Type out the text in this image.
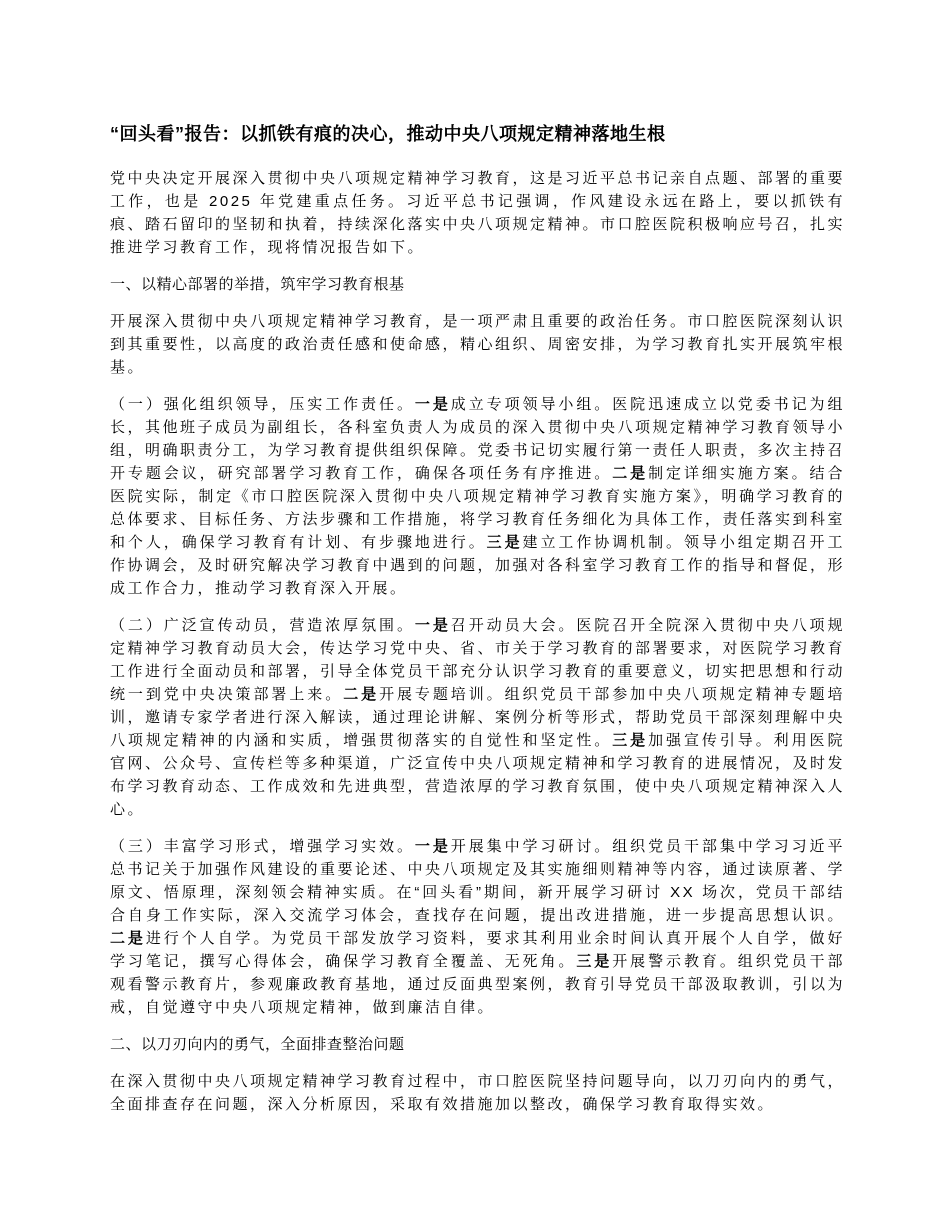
“回头看”报告：以抓铁有痕的决心，推动中央八项规定精神落地生根

党中央决定开展深入贯彻中央八项规定精神学习教育，这是习近平总书记亲自点题、部署的重要工作，也是 2025 年党建重点任务。习近平总书记强调，作风建设永远在路上，要以抓铁有痕、踏石留印的坚韧和执着，持续深化落实中央八项规定精神。市口腔医院积极响应号召，扎实推进学习教育工作，现将情况报告如下。

一、以精心部署的举措，筑牢学习教育根基

开展深入贯彻中央八项规定精神学习教育，是一项严肃且重要的政治任务。市口腔医院深刻认识到其重要性，以高度的政治责任感和使命感，精心组织、周密安排，为学习教育扎实开展筑牢根基。

（一）强化组织领导，压实工作责任。一是成立专项领导小组。医院迅速成立以党委书记为组长，其他班子成员为副组长，各科室负责人为成员的深入贯彻中央八项规定精神学习教育领导小组，明确职责分工，为学习教育提供组织保障。党委书记切实履行第一责任人职责，多次主持召开专题会议，研究部署学习教育工作，确保各项任务有序推进。二是制定详细实施方案。结合医院实际，制定《市口腔医院深入贯彻中央八项规定精神学习教育实施方案》，明确学习教育的总体要求、目标任务、方法步骤和工作措施，将学习教育任务细化为具体工作，责任落实到科室和个人，确保学习教育有计划、有步骤地进行。三是建立工作协调机制。领导小组定期召开工作协调会，及时研究解决学习教育中遇到的问题，加强对各科室学习教育工作的指导和督促，形成工作合力，推动学习教育深入开展。

（二）广泛宣传动员，营造浓厚氛围。一是召开动员大会。医院召开全院深入贯彻中央八项规定精神学习教育动员大会，传达学习党中央、省、市关于学习教育的部署要求，对医院学习教育工作进行全面动员和部署，引导全体党员干部充分认识学习教育的重要意义，切实把思想和行动统一到党中央决策部署上来。二是开展专题培训。组织党员干部参加中央八项规定精神专题培训，邀请专家学者进行深入解读，通过理论讲解、案例分析等形式，帮助党员干部深刻理解中央八项规定精神的内涵和实质，增强贯彻落实的自觉性和坚定性。三是加强宣传引导。利用医院官网、公众号、宣传栏等多种渠道，广泛宣传中央八项规定精神和学习教育的进展情况，及时发布学习教育动态、工作成效和先进典型，营造浓厚的学习教育氛围，使中央八项规定精神深入人心。

（三）丰富学习形式，增强学习实效。一是开展集中学习研讨。组织党员干部集中学习习近平总书记关于加强作风建设的重要论述、中央八项规定及其实施细则精神等内容，通过读原著、学原文、悟原理，深刻领会精神实质。在“回头看”期间，新开展学习研讨 XX 场次，党员干部结合自身工作实际，深入交流学习体会，查找存在问题，提出改进措施，进一步提高思想认识。二是进行个人自学。为党员干部发放学习资料，要求其利用业余时间认真开展个人自学，做好学习笔记，撰写心得体会，确保学习教育全覆盖、无死角。三是开展警示教育。组织党员干部观看警示教育片，参观廉政教育基地，通过反面典型案例，教育引导党员干部汲取教训，引以为戒，自觉遵守中央八项规定精神，做到廉洁自律。

二、以刀刃向内的勇气，全面排查整治问题

在深入贯彻中央八项规定精神学习教育过程中，市口腔医院坚持问题导向，以刀刃向内的勇气，全面排查存在问题，深入分析原因，采取有效措施加以整改，确保学习教育取得实效。
